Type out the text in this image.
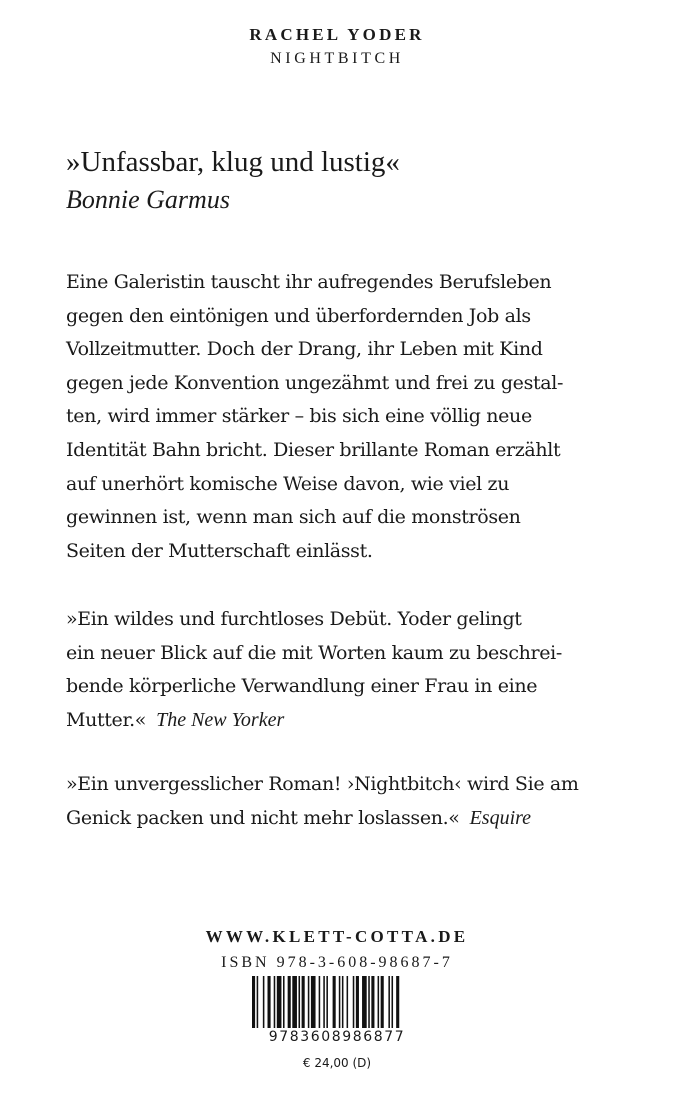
RACHEL YODER
NIGHTBITCH
»Unfassbar, klug und lustig«
Bonnie Garmus
Eine Galeristin tauscht ihr aufregendes Berufsleben
gegen den eintönigen und überfordernden Job als
Vollzeitmutter. Doch der Drang, ihr Leben mit Kind
gegen jede Konvention ungezähmt und frei zu gestal-
ten, wird immer stärker – bis sich eine völlig neue
Identität Bahn bricht. Dieser brillante Roman erzählt
auf unerhört komische Weise davon, wie viel zu
gewinnen ist, wenn man sich auf die monströsen
Seiten der Mutterschaft einlässt.
»Ein wildes und furchtloses Debüt. Yoder gelingt
ein neuer Blick auf die mit Worten kaum zu beschrei-
bende körperliche Verwandlung einer Frau in eine
Mutter.« The New Yorker
»Ein unvergesslicher Roman! ›Nightbitch‹ wird Sie am
Genick packen und nicht mehr loslassen.« Esquire
WWW.KLETT-COTTA.DE
ISBN 978-3-608-98687-7
9783608986877
€ 24,00 (D)
